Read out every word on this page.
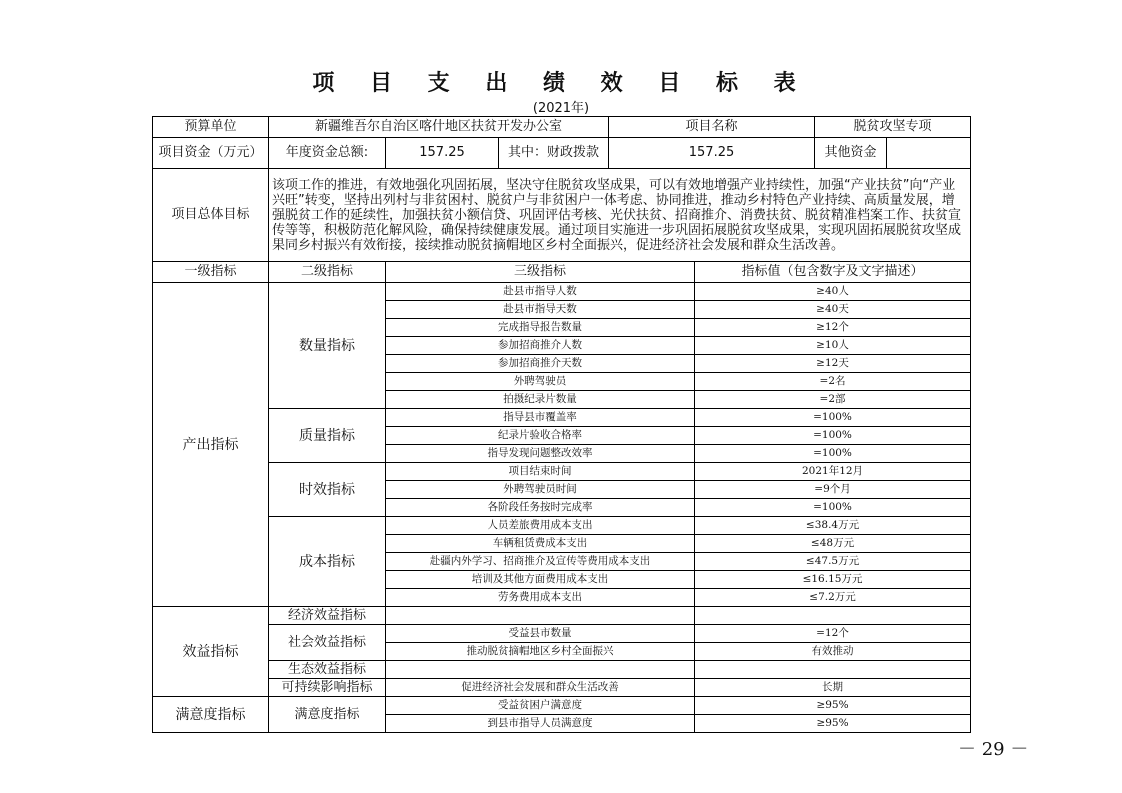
项 目 支 出 绩 效 目 标 表
(2021年)
预算单位	新疆维吾尔自治区喀什地区扶贫开发办公室			项目名称		脱贫攻坚专项	
项目资金（万元）	年度资金总额:	157.25	其中：财政拨款	157.25		其他资金	
项目总体目标	该项工作的推进，有效地强化巩固拓展，坚决守住脱贫攻坚成果，可以有效地增强产业持续性，加强“产业扶贫”向“产业兴旺”转变，坚持出列村与非贫困村、脱贫户与非贫困户一体考虑、协同推进，推动乡村特色产业持续、高质量发展，增强脱贫工作的延续性，加强扶贫小额信贷、巩固评估考核、光伏扶贫、招商推介、消费扶贫、脱贫精准档案工作、扶贫宣传等等，积极防范化解风险，确保持续健康发展。通过项目实施进一步巩固拓展脱贫攻坚成果，实现巩固拓展脱贫攻坚成果同乡村振兴有效衔接，接续推动脱贫摘帽地区乡村全面振兴，促进经济社会发展和群众生活改善。						
一级指标	二级指标	三级指标			指标值（包含数字及文字描述）		
产出指标	数量指标	赴县市指导人数			≥40人		
		赴县市指导天数			≥40天		
		完成指导报告数量			≥12个		
		参加招商推介人数			≥10人		
		参加招商推介天数			≥12天		
		外聘驾驶员			=2名		
		拍摄纪录片数量			=2部		
	质量指标	指导县市覆盖率			=100%		
		纪录片验收合格率			=100%		
		指导发现问题整改效率			=100%		
	时效指标	项目结束时间			2021年12月		
		外聘驾驶员时间			=9个月		
		各阶段任务按时完成率			=100%		
	成本指标	人员差旅费用成本支出			≤38.4万元		
		车辆租赁费成本支出			≤48万元		
		赴疆内外学习、招商推介及宣传等费用成本支出			≤47.5万元		
		培训及其他方面费用成本支出			≤16.15万元		
		劳务费用成本支出			≤7.2万元		
效益指标	经济效益指标						
	社会效益指标	受益县市数量			=12个		
		推动脱贫摘帽地区乡村全面振兴			有效推动		
	生态效益指标						
	可持续影响指标	促进经济社会发展和群众生活改善			长期		
满意度指标	满意度指标	受益贫困户满意度			≥95%		
		到县市指导人员满意度			≥95%		
－ 29 －
